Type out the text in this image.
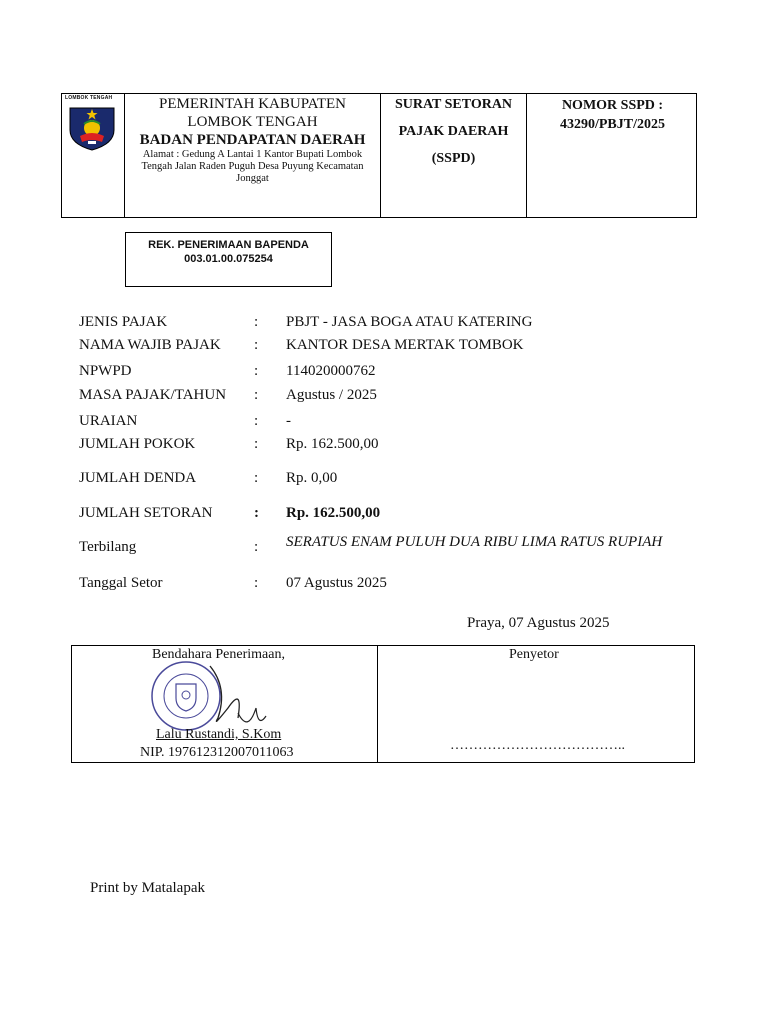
LOMBOK TENGAH	PEMERINTAH KABUPATEN
LOMBOK TENGAH
BADAN PENDAPATAN DAERAH
Alamat : Gedung A Lantai 1 Kantor Bupati Lombok Tengah Jalan Raden Puguh Desa Puyung Kecamatan Jonggat
SURAT SETORAN
PAJAK DAERAH
(SSPD)
NOMOR SSPD :
43290/PBJT/2025
REK. PENERIMAAN BAPENDA
003.01.00.075254
JENIS PAJAK	: PBJT - JASA BOGA ATAU KATERING
NAMA WAJIB PAJAK : KANTOR DESA MERTAK TOMBOK
NPWPD	: 114020000762
MASA PAJAK/TAHUN : Agustus / 2025
URAIAN	: -
JUMLAH POKOK	: Rp. 162.500,00
JUMLAH DENDA	: Rp. 0,00
JUMLAH SETORAN	: Rp. 162.500,00
Terbilang	: SERATUS ENAM PULUH DUA RIBU LIMA RATUS RUPIAH
Tanggal Setor	: 07 Agustus 2025
Praya, 07 Agustus 2025
Bendahara Penerimaan,
Lalu Rustandi, S.Kom
NIP. 197612312007011063
Penyetor
………………………………..
Print by Matalapak
